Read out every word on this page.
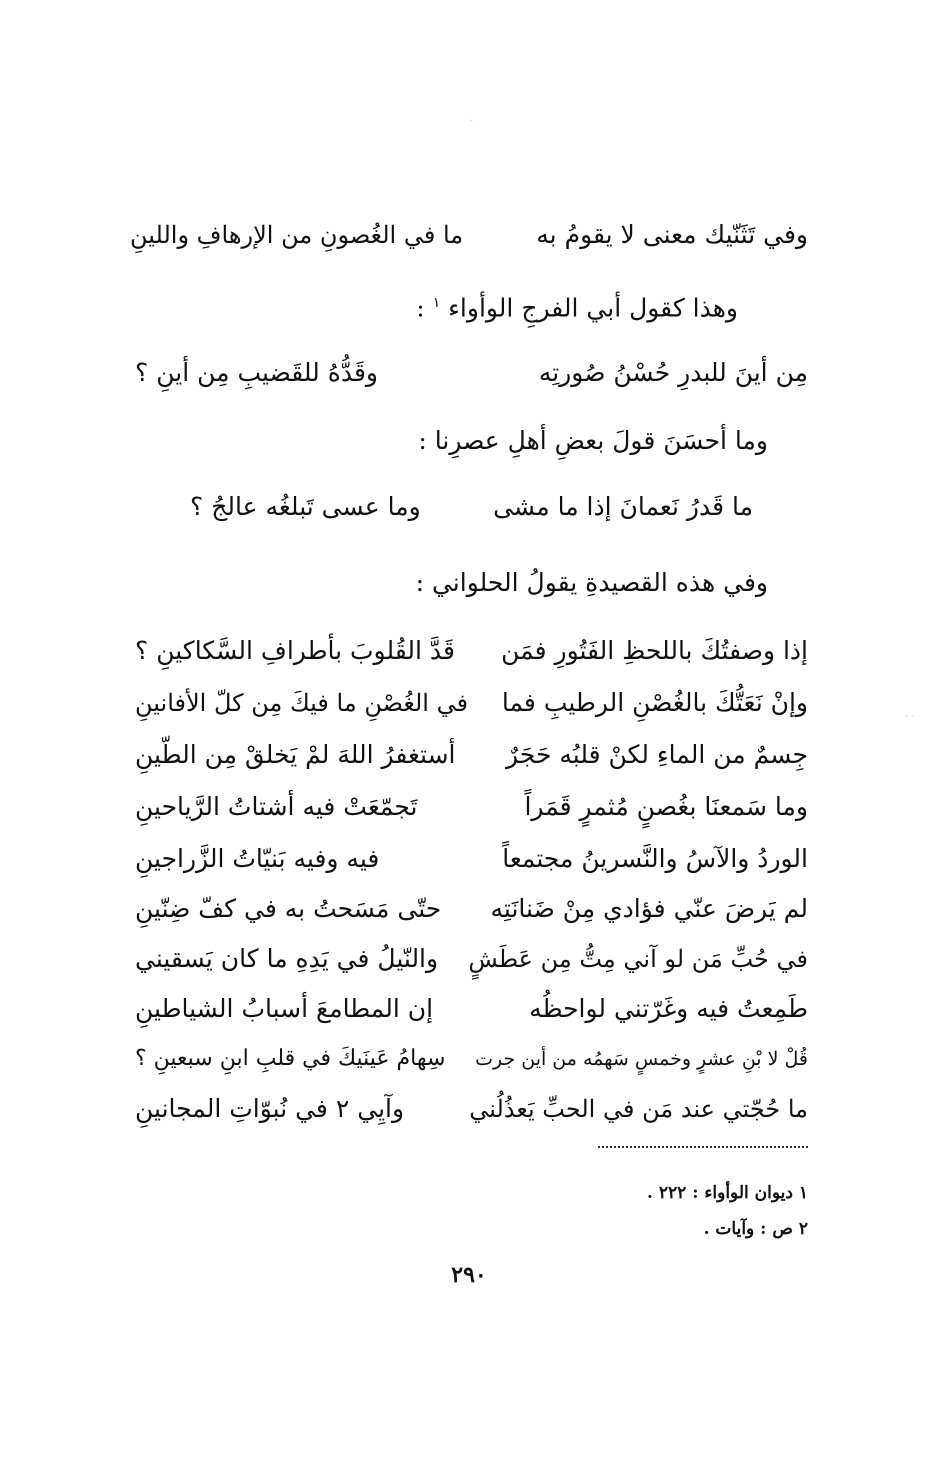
وفي تَثَنّيك معنى لا يقومُ به
ما في الغُصونِ من الإرهافِ واللينِ
وهذا كقول أبي الفرجِ الوأواء $^١$ :
مِن أينَ للبدرِ حُسْنُ صُورتِه
وقَدُّهُ للقَضيبِ مِن أينِ ؟
وما أحسَنَ قولَ بعضِ أهلِ عصرِنا :
ما قَدرُ نَعمانَ إذا ما مشى
وما عسى تَبلغُه عالجُ ؟
وفي هذه القصيدةِ يقولُ الحلواني :
إذا وصفتُكَ باللحظِ الفَتُورِ فمَن
قَدَّ القُلوبَ بأطرافِ السَّكاكينِ ؟
وإنْ نَعَتُّكَ بالغُصْنِ الرطيبِ فما
في الغُصْنِ ما فيكَ مِن كلّ الأفانينِ
جِسمٌ من الماءِ لكنْ قلبُه حَجَرٌ
أستغفرُ اللهَ لمْ يَخلقْ مِن الطّينِ
وما سَمعنَا بغُصنٍ مُثمرٍ قَمَراً
تَجمّعَتْ فيه أشتاتُ الرَّياحينِ
الوردُ والآسُ والنَّسرينُ مجتمعاً
فيه وفيه بَنيّاتُ الزَّراجينِ
لم يَرضَ عنّي فؤادي مِنْ ضَنانَتِه
حتّى مَسَحتُ به في كفّ ضِنّينِ
في حُبِّ مَن لو آني مِتُّ مِن عَطَشٍ
والنّيلُ في يَدِهِ ما كان يَسقيني
طَمِعتُ فيه وغَرّتني لواحظُه
إن المطامعَ أسبابُ الشياطينِ
قُلْ لا بْنِ عشرٍ وخمسٍ سَهمُه من أين جرت
سِهامُ عَينَيكَ في قلبِ ابنِ سبعينِ ؟
ما حُجّتي عند مَن في الحبِّ يَعذُلُني
وآيِي ٢ في نُبوّاتِ المجانينِ
١ ديوان الوأواء : ٢٢٢ .
٢ ص : وآيات .
٢٩٠
· ·
·
